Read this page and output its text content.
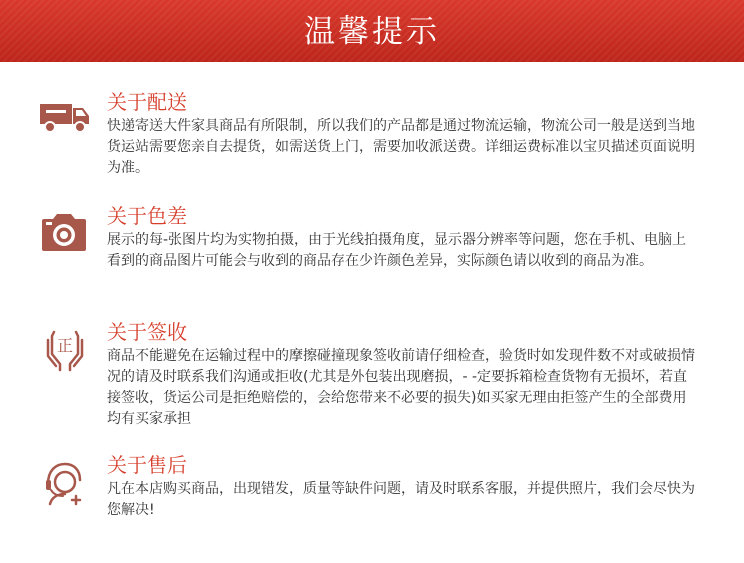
温馨提示
关于配送
快递寄送大件家具商品有所限制，所以我们的产品都是通过物流运输，物流公司一般是送到当地货运站需要您亲自去提货，如需送货上门，需要加收派送费。详细运费标准以宝贝描述页面说明为准。
关于色差
展示的每-张图片均为实物拍摄，由于光线拍摄角度，显示器分辨率等问题，您在手机、电脑上看到的商品图片可能会与收到的商品存在少许颜色差异，实际颜色请以收到的商品为准。
正
关于签收
商品不能避免在运输过程中的摩擦碰撞现象签收前请仔细检查，验货时如发现件数不对或破损情况的请及时联系我们沟通或拒收(尤其是外包装出现磨损，- -定要拆箱检查货物有无损坏，若直接签收，货运公司是拒绝赔偿的，会给您带来不必要的损失)如买家无理由拒签产生的全部费用均有买家承担
关于售后
凡在本店购买商品，出现错发，质量等缺件问题，请及时联系客服，并提供照片，我们会尽快为您解决!
